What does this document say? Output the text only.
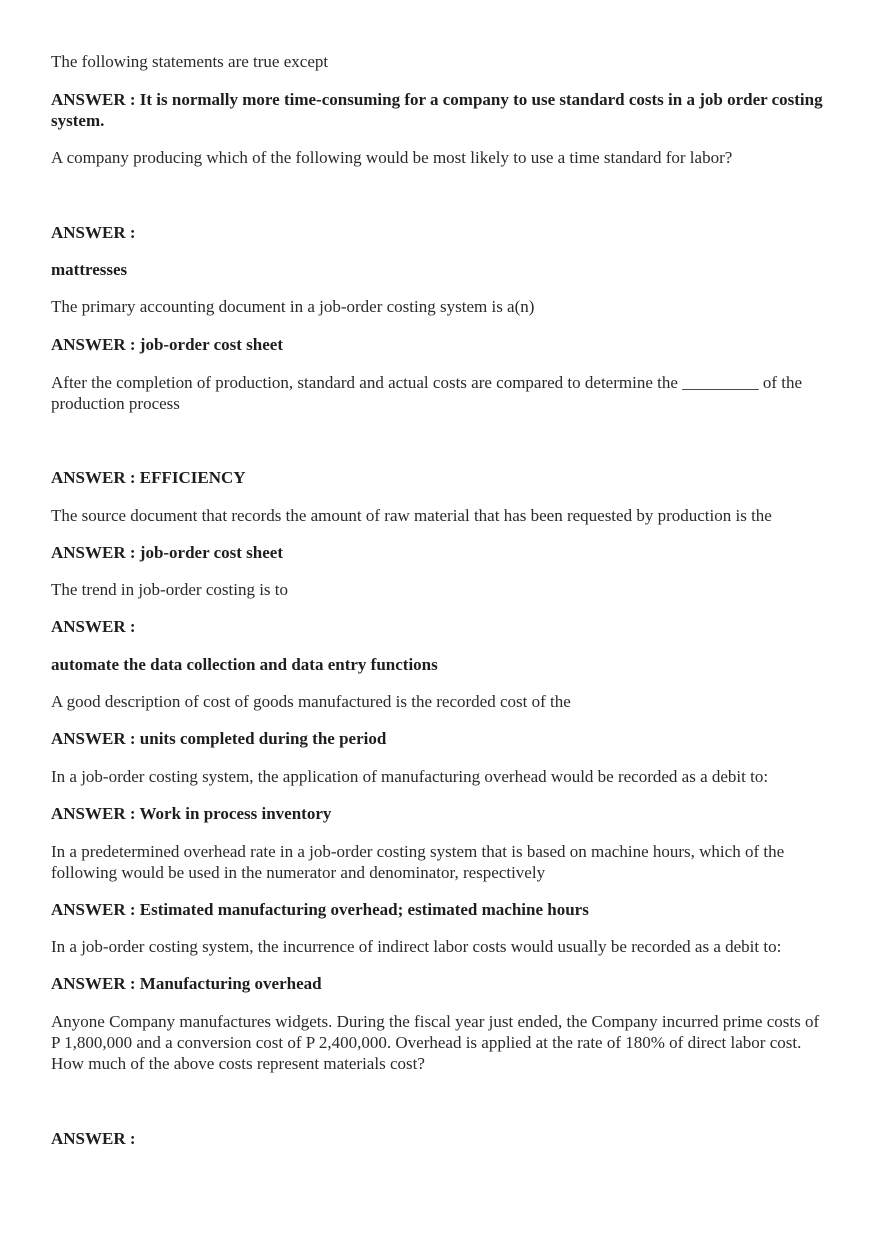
The following statements are true except

ANSWER : It is normally more time-consuming for a company to use standard costs in a job order costing system.

A company producing which of the following would be most likely to use a time standard for labor?

ANSWER :

mattresses

The primary accounting document in a job-order costing system is a(n)

ANSWER : job-order cost sheet

After the completion of production, standard and actual costs are compared to determine the _________ of the production process

ANSWER : EFFICIENCY

The source document that records the amount of raw material that has been requested by production is the

ANSWER : job-order cost sheet

The trend in job-order costing is to

ANSWER :

automate the data collection and data entry functions

A good description of cost of goods manufactured is the recorded cost of the

ANSWER : units completed during the period

In a job-order costing system, the application of manufacturing overhead would be recorded as a debit to:

ANSWER : Work in process inventory

In a predetermined overhead rate in a job-order costing system that is based on machine hours, which of the following would be used in the numerator and denominator, respectively

ANSWER : Estimated manufacturing overhead; estimated machine hours

In a job-order costing system, the incurrence of indirect labor costs would usually be recorded as a debit to:

ANSWER : Manufacturing overhead

Anyone Company manufactures widgets. During the fiscal year just ended, the Company incurred prime costs of P 1,800,000 and a conversion cost of P 2,400,000. Overhead is applied at the rate of 180% of direct labor cost. How much of the above costs represent materials cost?

ANSWER :
